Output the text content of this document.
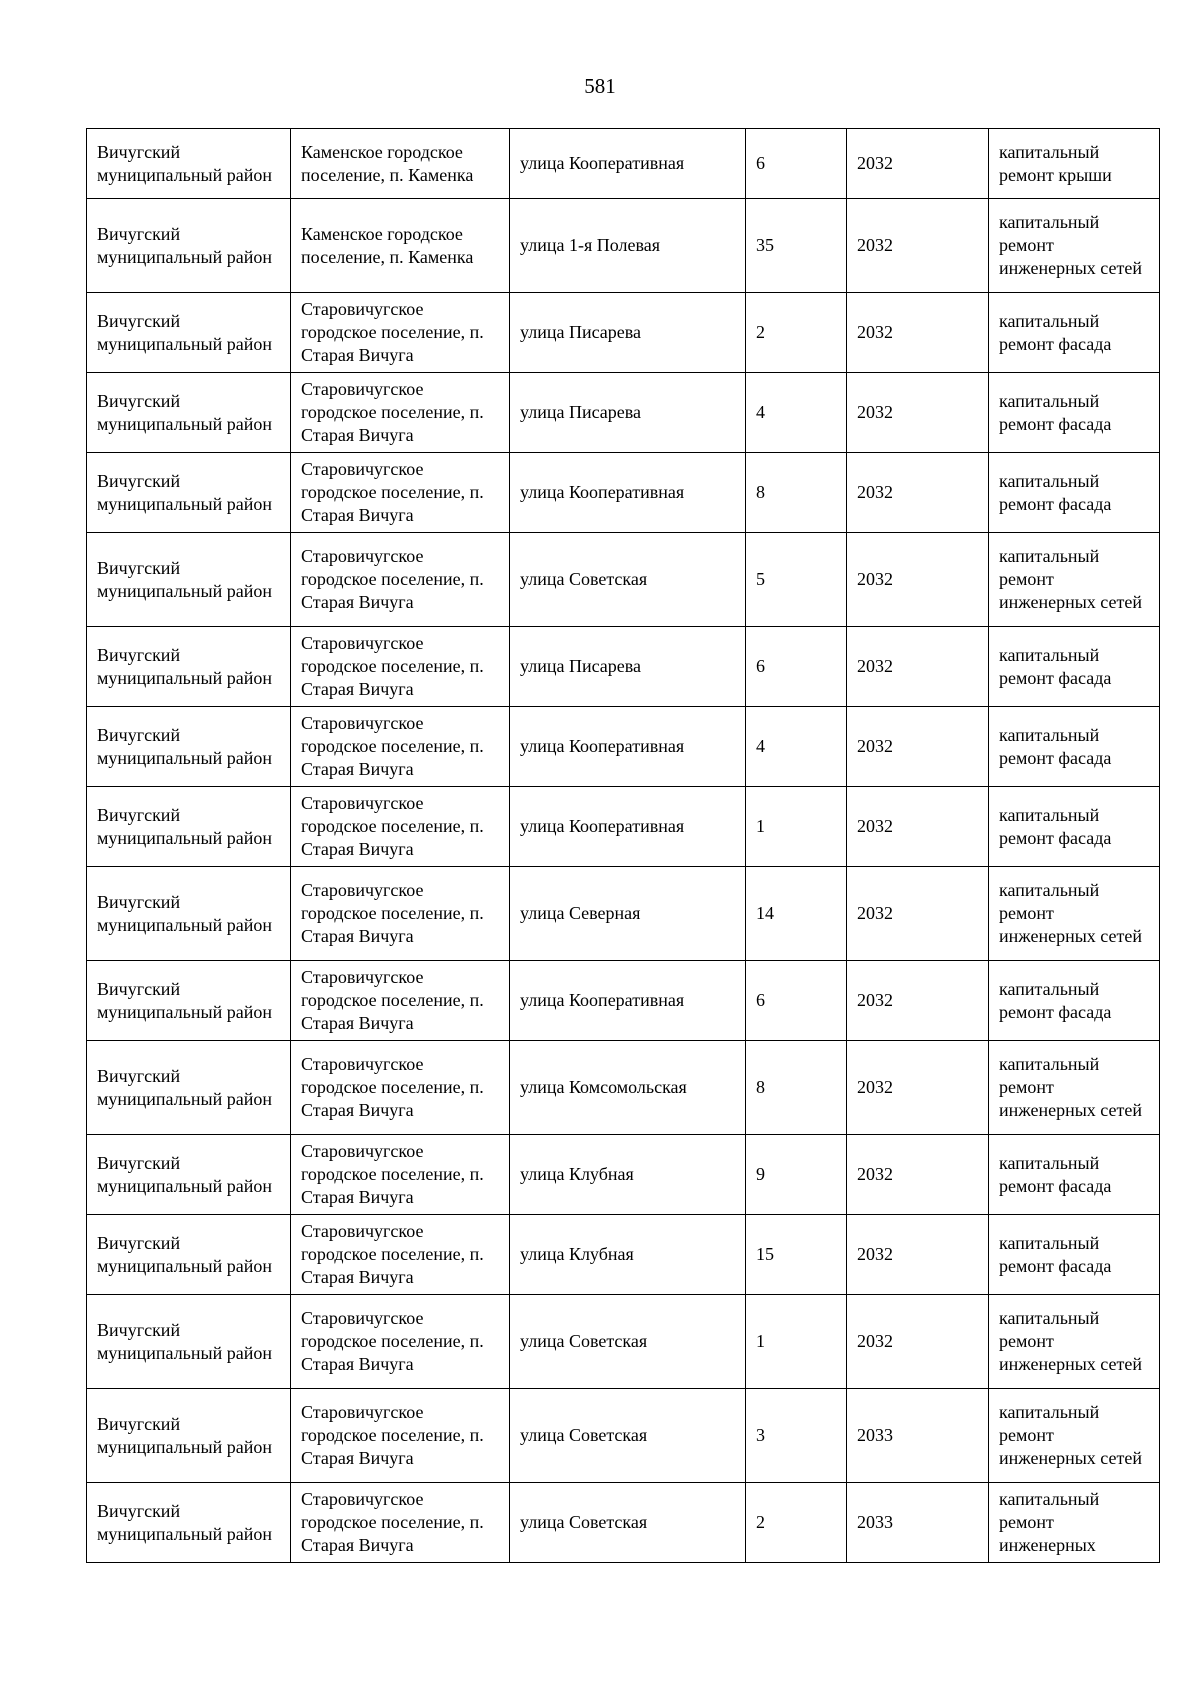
581
Вичугский муниципальный район	Каменское городское поселение, п. Каменка	улица Кооперативная	6	2032	капитальный ремонт крыши
Вичугский муниципальный район	Каменское городское поселение, п. Каменка	улица 1-я Полевая	35	2032	капитальный ремонт инженерных сетей
Вичугский муниципальный район	Старовичугское городское поселение, п. Старая Вичуга	улица Писарева	2	2032	капитальный ремонт фасада
Вичугский муниципальный район	Старовичугское городское поселение, п. Старая Вичуга	улица Писарева	4	2032	капитальный ремонт фасада
Вичугский муниципальный район	Старовичугское городское поселение, п. Старая Вичуга	улица Кооперативная	8	2032	капитальный ремонт фасада
Вичугский муниципальный район	Старовичугское городское поселение, п. Старая Вичуга	улица Советская	5	2032	капитальный ремонт инженерных сетей
Вичугский муниципальный район	Старовичугское городское поселение, п. Старая Вичуга	улица Писарева	6	2032	капитальный ремонт фасада
Вичугский муниципальный район	Старовичугское городское поселение, п. Старая Вичуга	улица Кооперативная	4	2032	капитальный ремонт фасада
Вичугский муниципальный район	Старовичугское городское поселение, п. Старая Вичуга	улица Кооперативная	1	2032	капитальный ремонт фасада
Вичугский муниципальный район	Старовичугское городское поселение, п. Старая Вичуга	улица Северная	14	2032	капитальный ремонт инженерных сетей
Вичугский муниципальный район	Старовичугское городское поселение, п. Старая Вичуга	улица Кооперативная	6	2032	капитальный ремонт фасада
Вичугский муниципальный район	Старовичугское городское поселение, п. Старая Вичуга	улица Комсомольская	8	2032	капитальный ремонт инженерных сетей
Вичугский муниципальный район	Старовичугское городское поселение, п. Старая Вичуга	улица Клубная	9	2032	капитальный ремонт фасада
Вичугский муниципальный район	Старовичугское городское поселение, п. Старая Вичуга	улица Клубная	15	2032	капитальный ремонт фасада
Вичугский муниципальный район	Старовичугское городское поселение, п. Старая Вичуга	улица Советская	1	2032	капитальный ремонт инженерных сетей
Вичугский муниципальный район	Старовичугское городское поселение, п. Старая Вичуга	улица Советская	3	2033	капитальный ремонт инженерных сетей
Вичугский муниципальный район	Старовичугское городское поселение, п. Старая Вичуга	улица Советская	2	2033	капитальный ремонт инженерных
